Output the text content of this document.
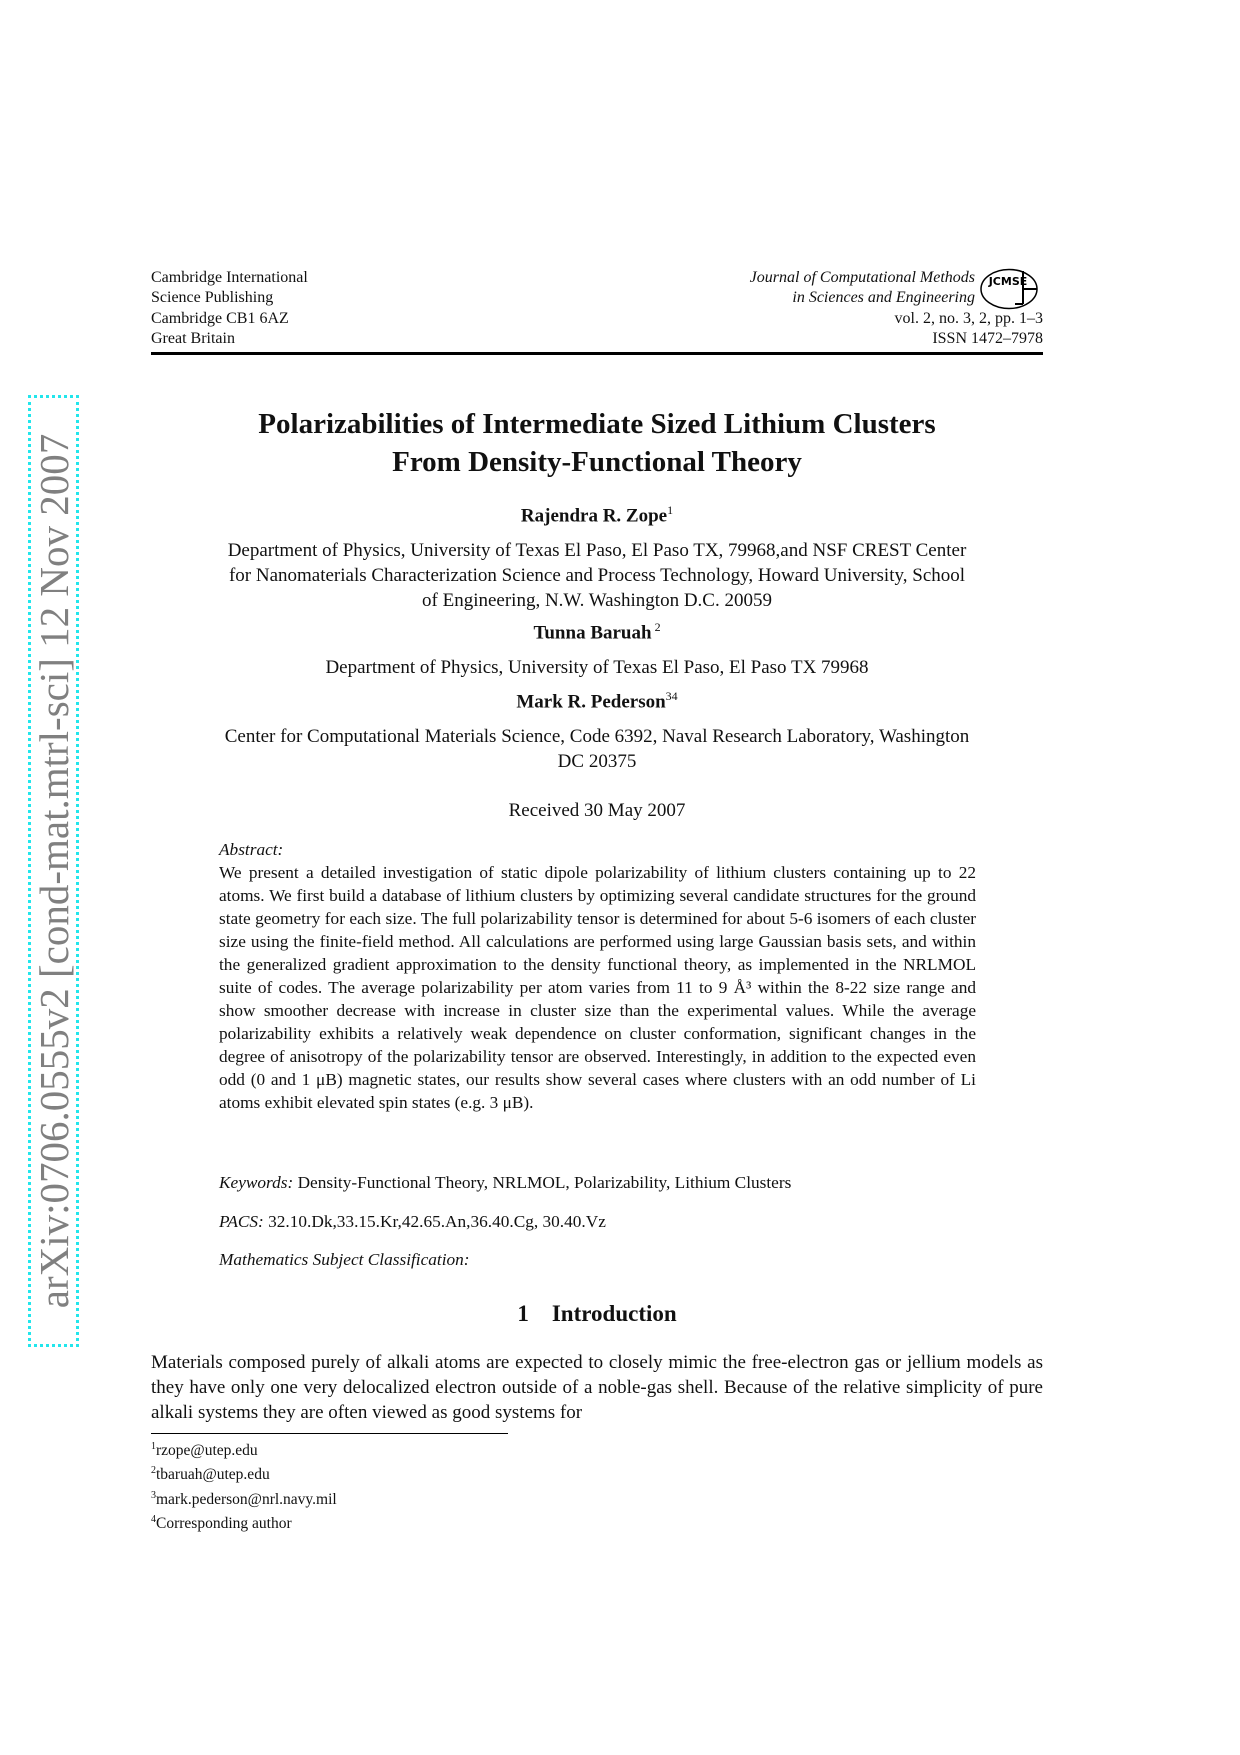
Cambridge International
Science Publishing
Cambridge CB1 6AZ
Great Britain
Journal of Computational Methods
in Sciences and Engineering
vol. 2, no. 3, 2, pp. 1–3
ISSN 1472–7978
JCMSE
Polarizabilities of Intermediate Sized Lithium Clusters
From Density-Functional Theory
Rajendra R. Zope$^1$
Department of Physics, University of Texas El Paso, El Paso TX, 79968,and NSF CREST Center
for Nanomaterials Characterization Science and Process Technology, Howard University, School
of Engineering, N.W. Washington D.C. 20059
Tunna Baruah $^2$
Department of Physics, University of Texas El Paso, El Paso TX 79968
Mark R. Pederson$^{34}$
Center for Computational Materials Science, Code 6392, Naval Research Laboratory, Washington
DC 20375
Received 30 May 2007
Abstract:
We present a detailed investigation of static dipole polarizability of lithium clusters containing up to 22 atoms. We first build a database of lithium clusters by optimizing several candidate structures for the ground state geometry for each size. The full polarizability tensor is determined for about 5-6 isomers of each cluster size using the finite-field method. All calculations are performed using large Gaussian basis sets, and within the generalized gradient approximation to the density functional theory, as implemented in the NRLMOL suite of codes. The average polarizability per atom varies from 11 to 9 Å³ within the 8-22 size range and show smoother decrease with increase in cluster size than the experimental values. While the average polarizability exhibits a relatively weak dependence on cluster conformation, significant changes in the degree of anisotropy of the polarizability tensor are observed. Interestingly, in addition to the expected even odd (0 and 1 μB) magnetic states, our results show several cases where clusters with an odd number of Li atoms exhibit elevated spin states (e.g. 3 μB).
Keywords: Density-Functional Theory, NRLMOL, Polarizability, Lithium Clusters
PACS: 32.10.Dk,33.15.Kr,42.65.An,36.40.Cg, 30.40.Vz
Mathematics Subject Classification:
1 Introduction
Materials composed purely of alkali atoms are expected to closely mimic the free-electron gas or jellium models as they have only one very delocalized electron outside of a noble-gas shell. Because of the relative simplicity of pure alkali systems they are often viewed as good systems for
$^1$rzope@utep.edu
$^2$tbaruah@utep.edu
$^3$mark.pederson@nrl.navy.mil
$^4$Corresponding author
arXiv:0706.0555v2 [cond-mat.mtrl-sci] 12 Nov 2007
